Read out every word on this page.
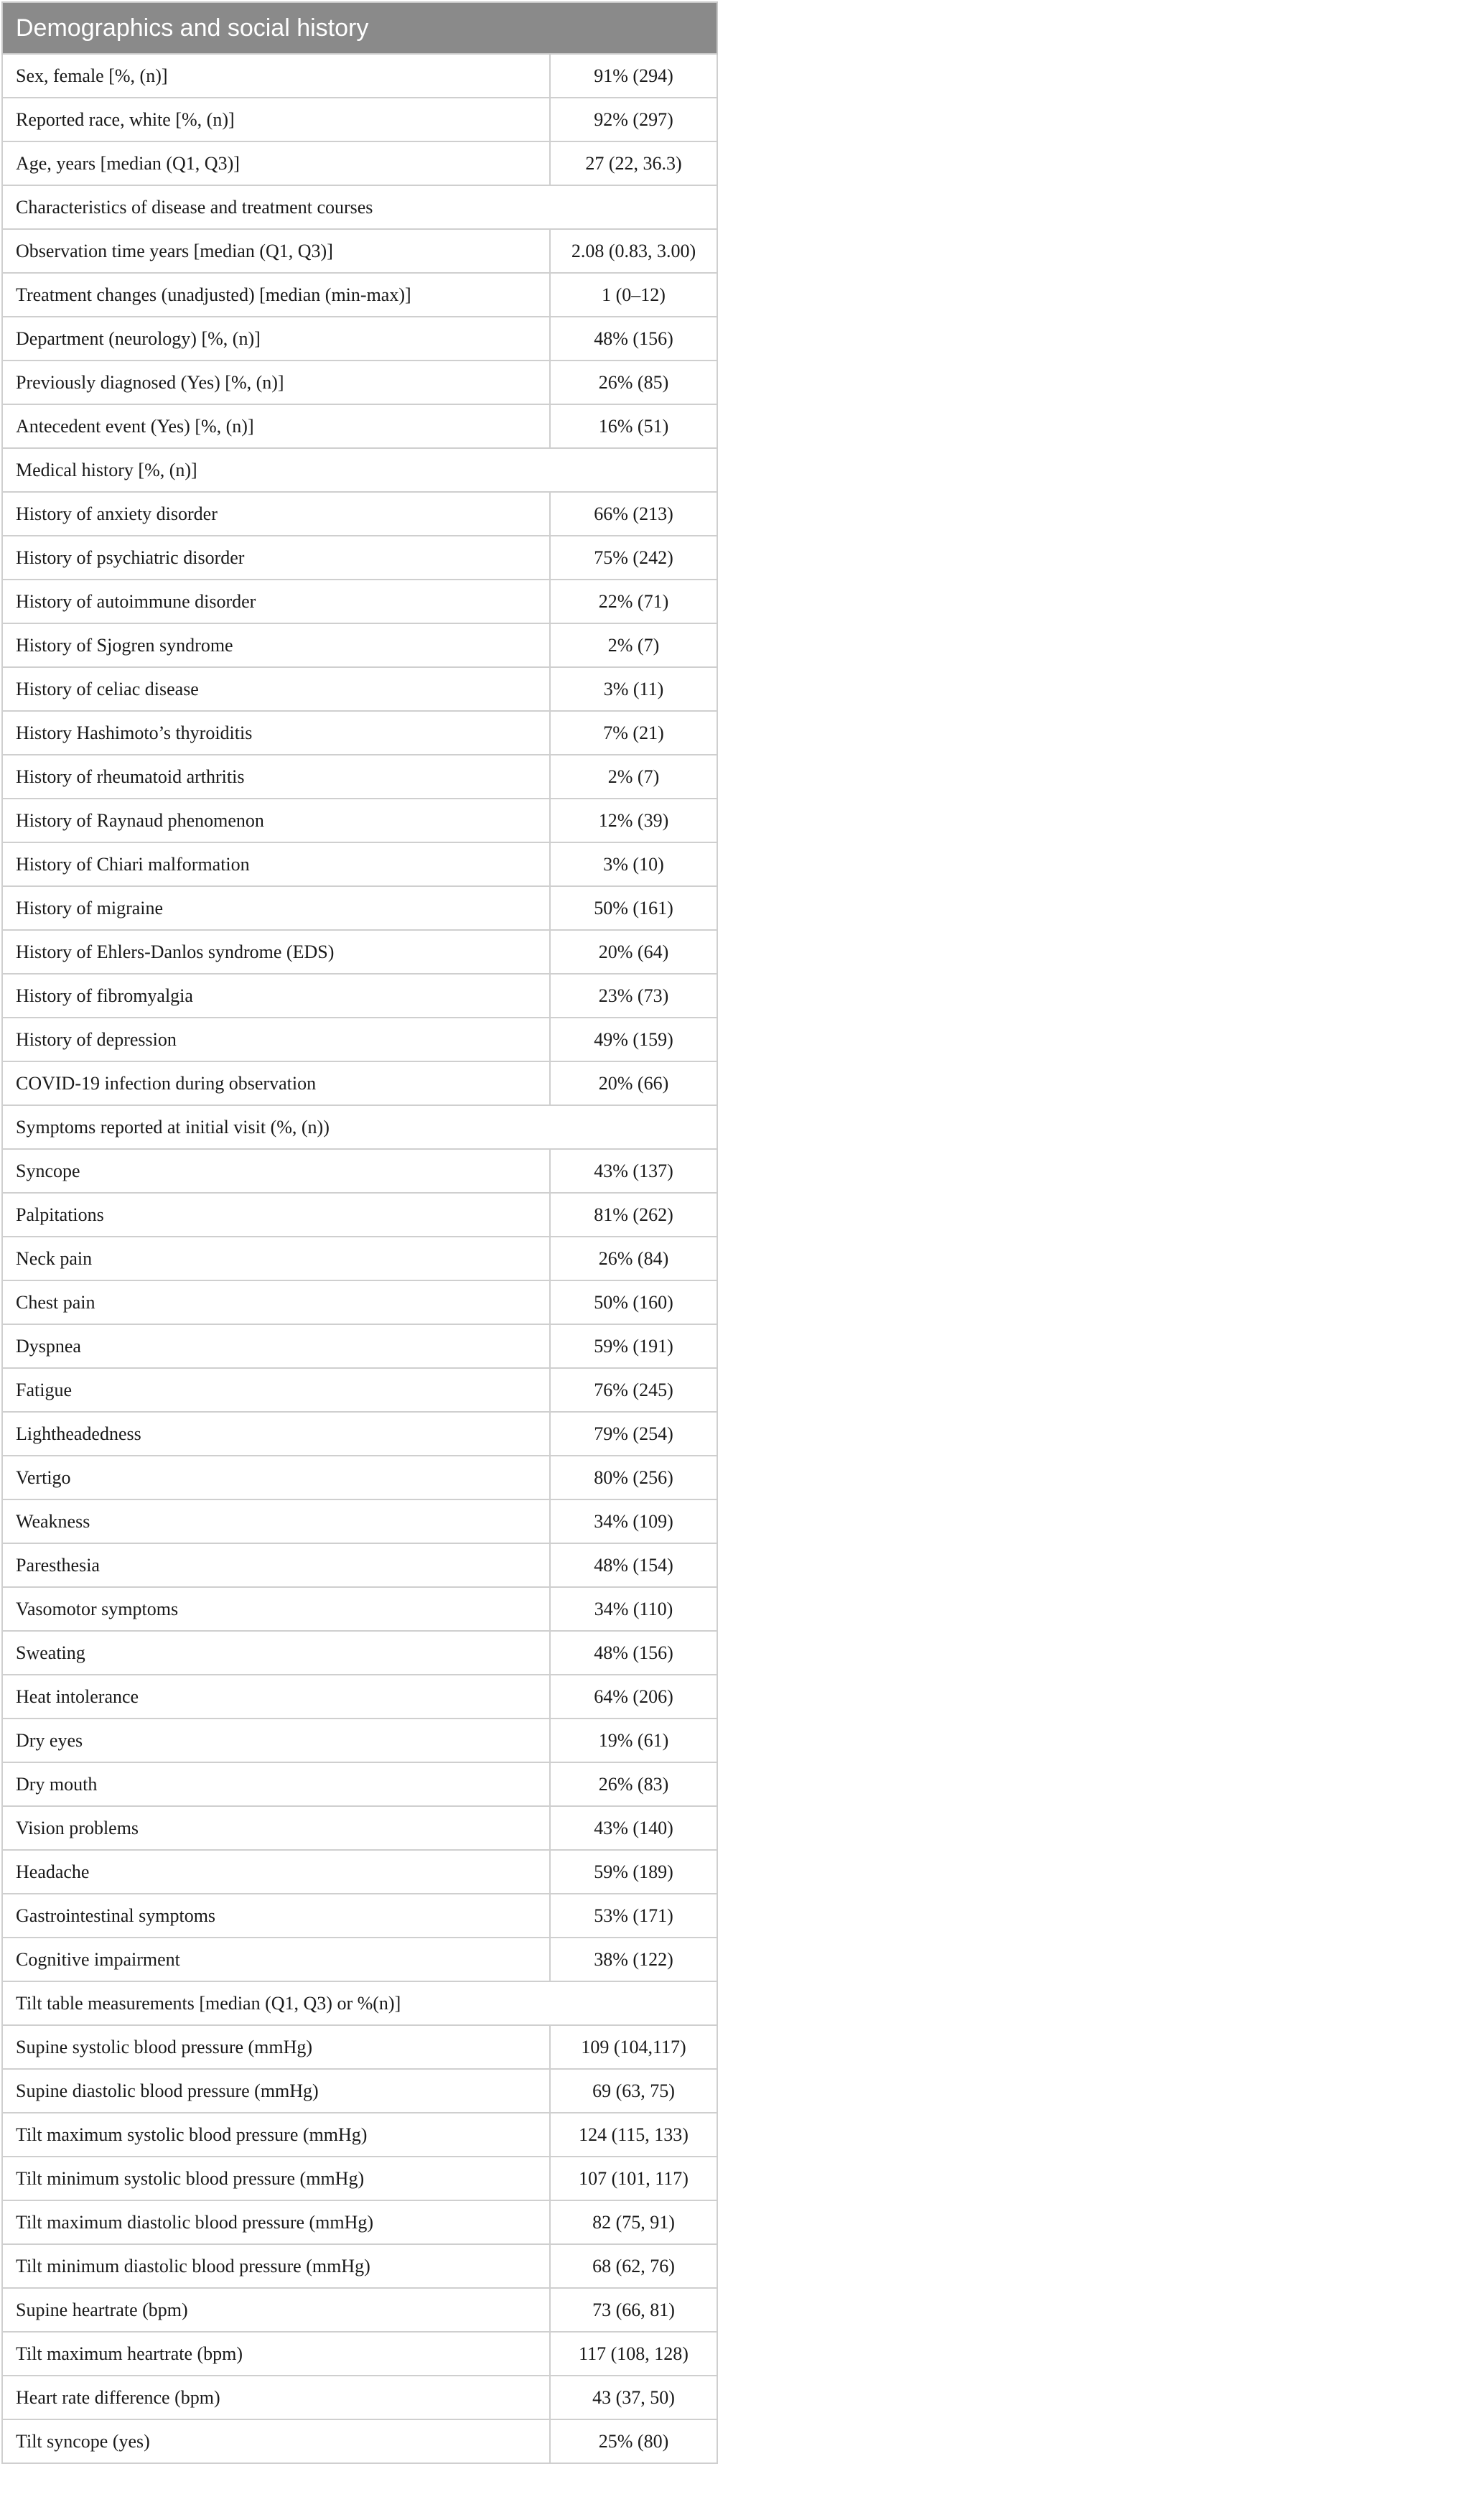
Demographics and social history	
Sex, female [%, (n)]	91% (294)
Reported race, white [%, (n)]	92% (297)
Age, years [median (Q1, Q3)]	27 (22, 36.3)
Characteristics of disease and treatment courses	
Observation time years [median (Q1, Q3)]	2.08 (0.83, 3.00)
Treatment changes (unadjusted) [median (min-max)]	1 (0–12)
Department (neurology) [%, (n)]	48% (156)
Previously diagnosed (Yes) [%, (n)]	26% (85)
Antecedent event (Yes) [%, (n)]	16% (51)
Medical history [%, (n)]	
History of anxiety disorder	66% (213)
History of psychiatric disorder	75% (242)
History of autoimmune disorder	22% (71)
History of Sjogren syndrome	2% (7)
History of celiac disease	3% (11)
History Hashimoto’s thyroiditis	7% (21)
History of rheumatoid arthritis	2% (7)
History of Raynaud phenomenon	12% (39)
History of Chiari malformation	3% (10)
History of migraine	50% (161)
History of Ehlers-Danlos syndrome (EDS)	20% (64)
History of fibromyalgia	23% (73)
History of depression	49% (159)
COVID-19 infection during observation	20% (66)
Symptoms reported at initial visit (%, (n))	
Syncope	43% (137)
Palpitations	81% (262)
Neck pain	26% (84)
Chest pain	50% (160)
Dyspnea	59% (191)
Fatigue	76% (245)
Lightheadedness	79% (254)
Vertigo	80% (256)
Weakness	34% (109)
Paresthesia	48% (154)
Vasomotor symptoms	34% (110)
Sweating	48% (156)
Heat intolerance	64% (206)
Dry eyes	19% (61)
Dry mouth	26% (83)
Vision problems	43% (140)
Headache	59% (189)
Gastrointestinal symptoms	53% (171)
Cognitive impairment	38% (122)
Tilt table measurements [median (Q1, Q3) or %(n)]	
Supine systolic blood pressure (mmHg)	109 (104,117)
Supine diastolic blood pressure (mmHg)	69 (63, 75)
Tilt maximum systolic blood pressure (mmHg)	124 (115, 133)
Tilt minimum systolic blood pressure (mmHg)	107 (101, 117)
Tilt maximum diastolic blood pressure (mmHg)	82 (75, 91)
Tilt minimum diastolic blood pressure (mmHg)	68 (62, 76)
Supine heartrate (bpm)	73 (66, 81)
Tilt maximum heartrate (bpm)	117 (108, 128)
Heart rate difference (bpm)	43 (37, 50)
Tilt syncope (yes)	25% (80)
